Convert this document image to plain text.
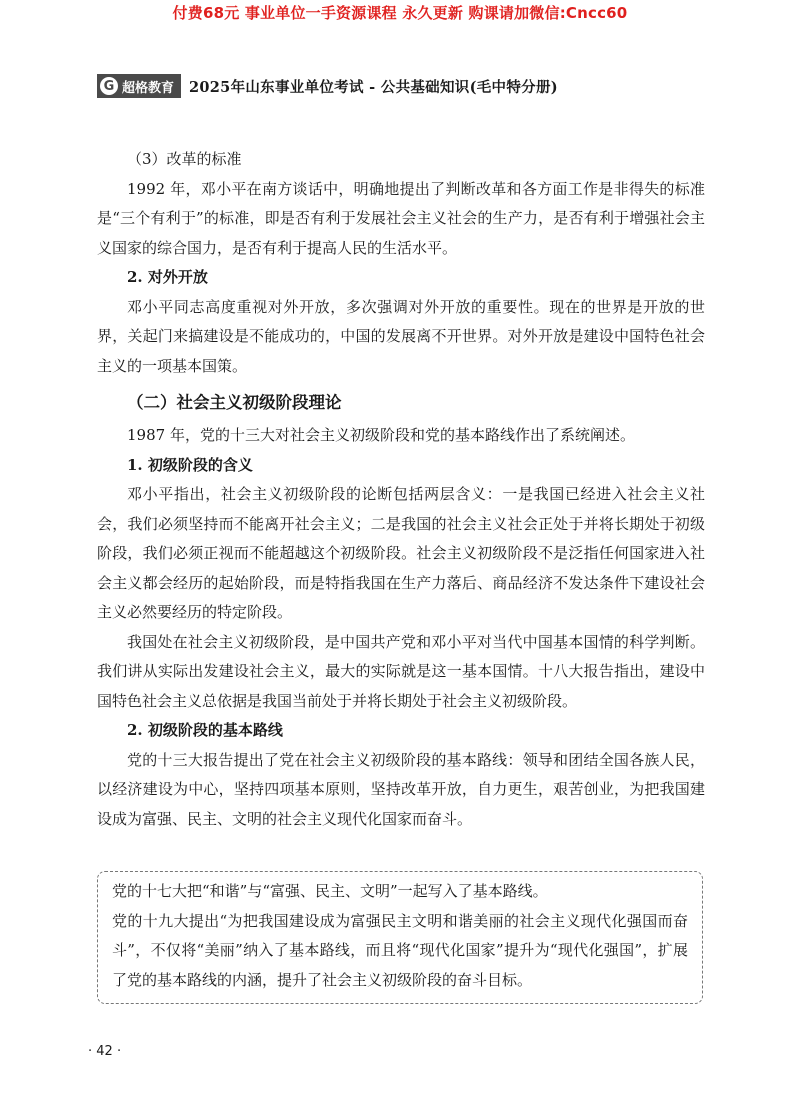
付费68元 事业单位一手资源课程 永久更新 购课请加微信:Cncc60
G 超格教育 2025年山东事业单位考试 - 公共基础知识(毛中特分册)

（3）改革的标准

1992 年，邓小平在南方谈话中，明确地提出了判断改革和各方面工作是非得失的标准是“三个有利于”的标准，即是否有利于发展社会主义社会的生产力，是否有利于增强社会主义国家的综合国力，是否有利于提高人民的生活水平。

2. 对外开放

邓小平同志高度重视对外开放，多次强调对外开放的重要性。现在的世界是开放的世界，关起门来搞建设是不能成功的，中国的发展离不开世界。对外开放是建设中国特色社会主义的一项基本国策。

（二）社会主义初级阶段理论

1987 年，党的十三大对社会主义初级阶段和党的基本路线作出了系统阐述。

1. 初级阶段的含义

邓小平指出，社会主义初级阶段的论断包括两层含义：一是我国已经进入社会主义社会，我们必须坚持而不能离开社会主义；二是我国的社会主义社会正处于并将长期处于初级阶段，我们必须正视而不能超越这个初级阶段。社会主义初级阶段不是泛指任何国家进入社会主义都会经历的起始阶段，而是特指我国在生产力落后、商品经济不发达条件下建设社会主义必然要经历的特定阶段。

我国处在社会主义初级阶段，是中国共产党和邓小平对当代中国基本国情的科学判断。我们讲从实际出发建设社会主义，最大的实际就是这一基本国情。十八大报告指出，建设中国特色社会主义总依据是我国当前处于并将长期处于社会主义初级阶段。

2. 初级阶段的基本路线

党的十三大报告提出了党在社会主义初级阶段的基本路线：领导和团结全国各族人民，以经济建设为中心，坚持四项基本原则，坚持改革开放，自力更生，艰苦创业，为把我国建设成为富强、民主、文明的社会主义现代化国家而奋斗。

党的十七大把“和谐”与“富强、民主、文明”一起写入了基本路线。

党的十九大提出“为把我国建设成为富强民主文明和谐美丽的社会主义现代化强国而奋斗”，不仅将“美丽”纳入了基本路线，而且将“现代化国家”提升为“现代化强国”，扩展了党的基本路线的内涵，提升了社会主义初级阶段的奋斗目标。

· 42 ·
